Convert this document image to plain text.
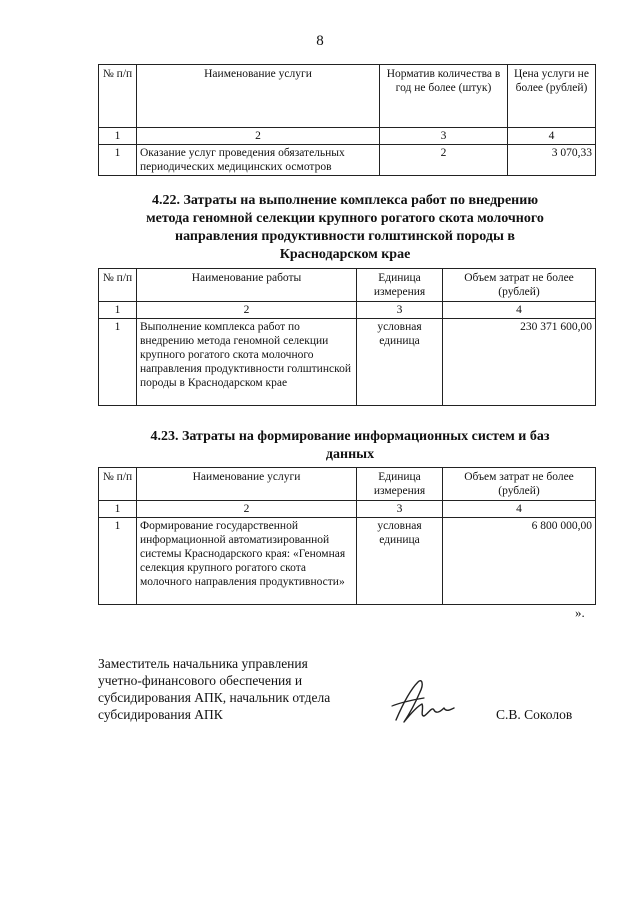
8
№ п/п	Наименование услуги	Норматив количества в год не более (штук)	Цена услуги не более (рублей)
1	2	3	4
1	Оказание услуг проведения обязательных периодических медицинских осмотров	2	3 070,33
4.22. Затраты на выполнение комплекса работ по внедрению метода геномной селекции крупного рогатого скота молочного направления продуктивности голштинской породы в Краснодарском крае
№ п/п	Наименование работы	Единица измерения	Объем затрат не более (рублей)
1	2	3	4
1	Выполнение комплекса работ по внедрению метода геномной селекции крупного рогатого скота молочного направления продуктивности голштинской породы в Краснодарском крае	условная единица	230 371 600,00
4.23. Затраты на формирование информационных систем и баз данных
№ п/п	Наименование услуги	Единица измерения	Объем затрат не более (рублей)
1	2	3	4
1	Формирование государственной информационной автоматизированной системы Краснодарского края: «Геномная селекция крупного рогатого скота молочного направления продуктивности»	условная единица	6 800 000,00
».
Заместитель начальника управления учетно-финансового обеспечения и субсидирования АПК, начальник отдела субсидирования АПК	С.В. Соколов
